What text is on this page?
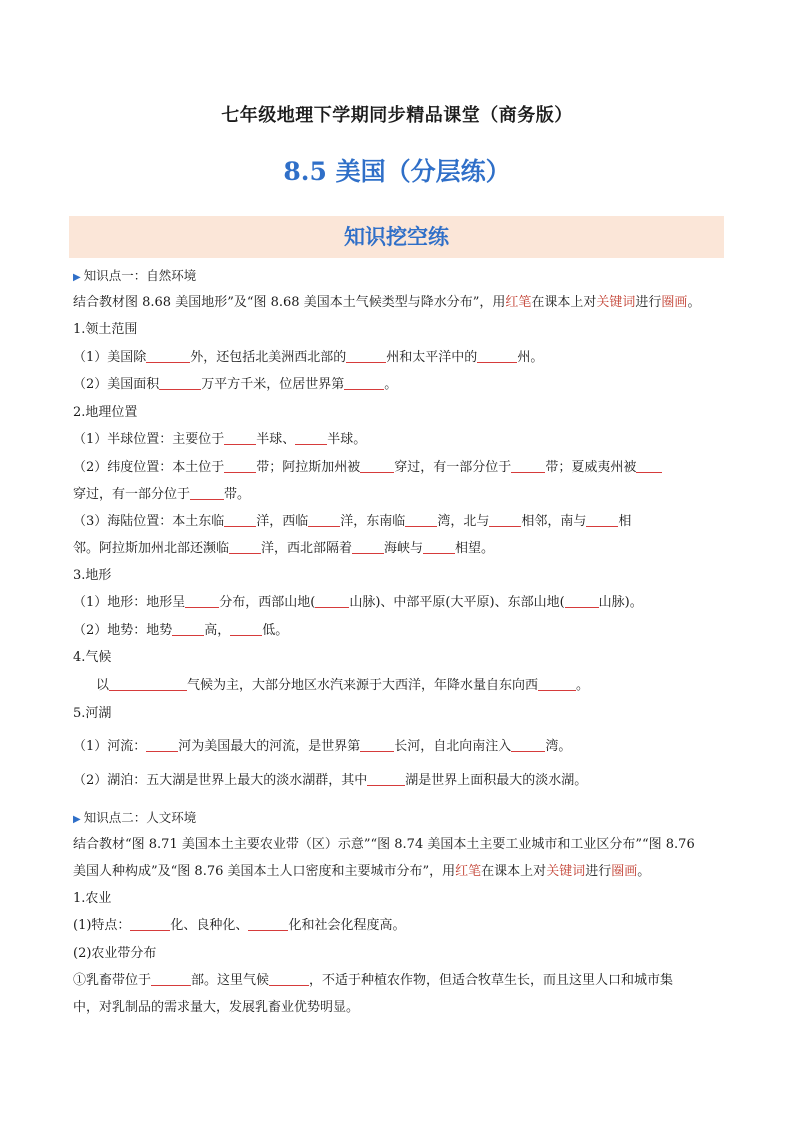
七年级地理下学期同步精品课堂（商务版）
8.5 美国（分层练）
知识挖空练
▶ 知识点一：自然环境
结合教材图 8.68 美国地形”及“图 8.68 美国本土气候类型与降水分布”，用红笔在课本上对关键词进行圈画。
1.领土范围
（1）美国除	外，还包括北美洲西北部的	州和太平洋中的	州。
（2）美国面积	万平方千米，位居世界第	。
2.地理位置
（1）半球位置：主要位于 半球、 半球。
（2）纬度位置：本土位于 带；阿拉斯加州被	穿过，有一部分位于	带；夏威夷州被
穿过，有一部分位于	带。
（3）海陆位置：本土东临 洋，西临 洋，东南临 湾，北与 相邻，南与 相
邻。阿拉斯加州北部还濒临 洋，西北部隔着 海峡与 相望。
3.地形
（1）地形：地形呈	分布，西部山地(	山脉)、中部平原(大平原)、东部山地(	山脉)。
（2）地势：地势 高， 低。
4.气候
以	气候为主，大部分地区水汽来源于大西洋，年降水量自东向西	。
5.河湖
（1）河流： 河为美国最大的河流，是世界第	长河，自北向南注入	湾。
（2）湖泊：五大湖是世界上最大的淡水湖群，其中	湖是世界上面积最大的淡水湖。
▶ 知识点二：人文环境
结合教材“图 8.71 美国本土主要农业带（区）示意”“图 8.74 美国本土主要工业城市和工业区分布”“图 8.76
美国人种构成”及“图 8.76 美国本土人口密度和主要城市分布”，用红笔在课本上对关键词进行圈画。
1.农业
(1)特点：	化、良种化、	化和社会化程度高。
(2)农业带分布
①乳畜带位于	部。这里气候	，不适于种植农作物，但适合牧草生长，而且这里人口和城市集
中，对乳制品的需求量大，发展乳畜业优势明显。
